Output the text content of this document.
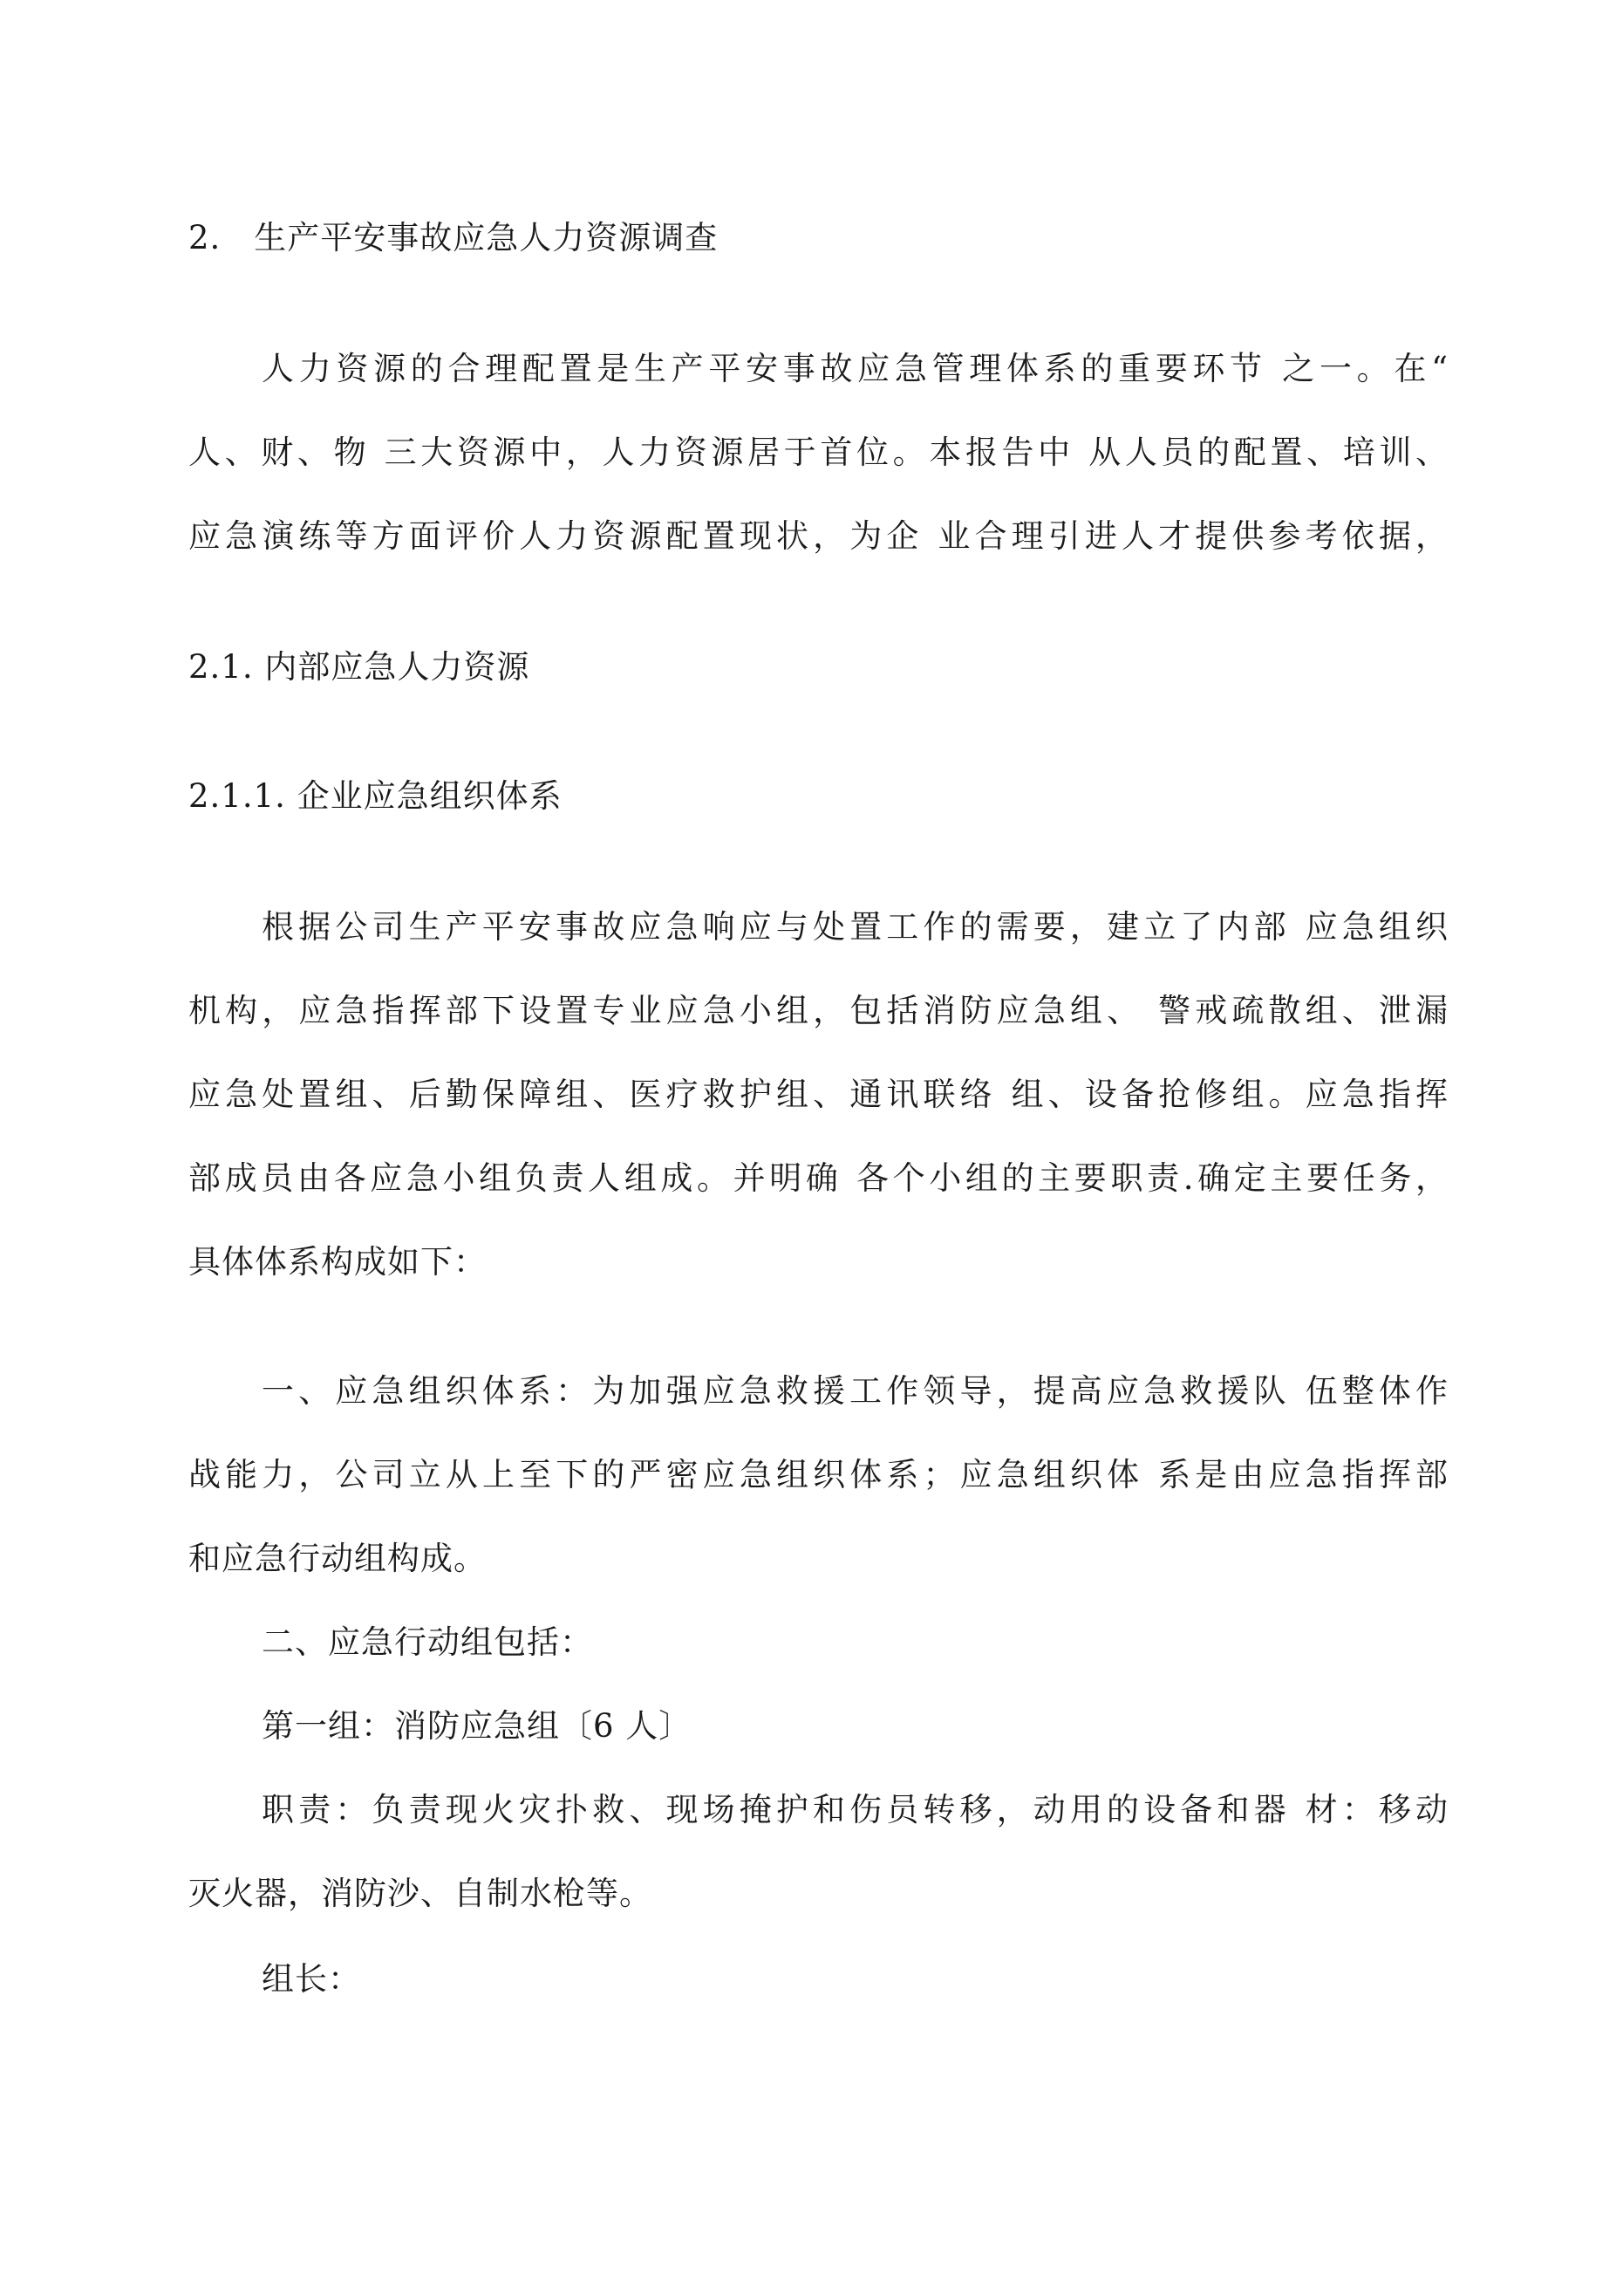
2.　生产平安事故应急人力资源调查
人力资源的合理配置是生产平安事故应急管理体系的重要环节 之一。在“
人、财、物 三大资源中，人力资源居于首位。本报告中 从人员的配置、培训、
应急演练等方面评价人力资源配置现状，为企 业合理引进人才提供参考依据，
2.1. 内部应急人力资源
2.1.1. 企业应急组织体系
根据公司生产平安事故应急响应与处置工作的需要，建立了内部 应急组织
机构，应急指挥部下设置专业应急小组，包括消防应急组、 警戒疏散组、泄漏
应急处置组、后勤保障组、医疗救护组、通讯联络 组、设备抢修组。应急指挥
部成员由各应急小组负责人组成。并明确 各个小组的主要职责.确定主要任务，
具体体系构成如下：
一、应急组织体系：为加强应急救援工作领导，提高应急救援队 伍整体作
战能力，公司立从上至下的严密应急组织体系；应急组织体 系是由应急指挥部
和应急行动组构成。
二、应急行动组包括：
第一组：消防应急组〔6 人〕
职责：负责现火灾扑救、现场掩护和伤员转移，动用的设备和器 材：移动
灭火器，消防沙、自制水枪等。
组长：
